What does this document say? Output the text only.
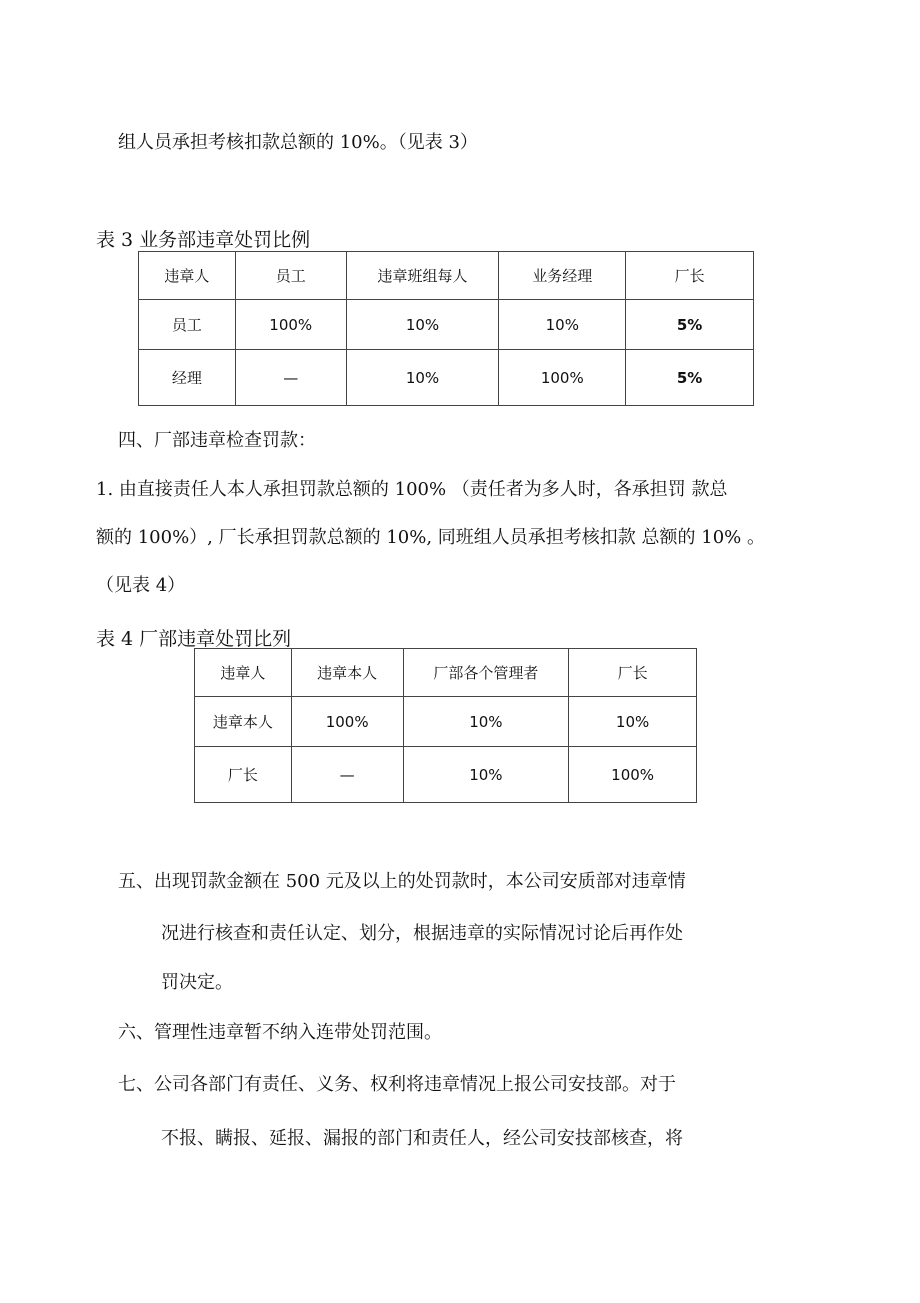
组人员承担考核扣款总额的 10%。（见表 3）
表 3 业务部违章处罚比例
违章人	员工	违章班组每人	业务经理	厂长
员工	100%	10%	10%	5%
经理	—	10%	100%	5%
四、厂部违章检查罚款：
1. 由直接责任人本人承担罚款总额的 100% （责任者为多人时，各承担罚 款总
额的 100%）, 厂长承担罚款总额的 10%, 同班组人员承担考核扣款 总额的 10% 。
（见表 4）
表 4 厂部违章处罚比列
违章人	违章本人	厂部各个管理者	厂长
违章本人	100%	10%	10%
厂长	—	10%	100%
五、出现罚款金额在 500 元及以上的处罚款时，本公司安质部对违章情
况进行核查和责任认定、划分，根据违章的实际情况讨论后再作处
罚决定。
六、管理性违章暂不纳入连带处罚范围。
七、公司各部门有责任、义务、权利将违章情况上报公司安技部。对于
不报、瞒报、延报、漏报的部门和责任人，经公司安技部核查，将
